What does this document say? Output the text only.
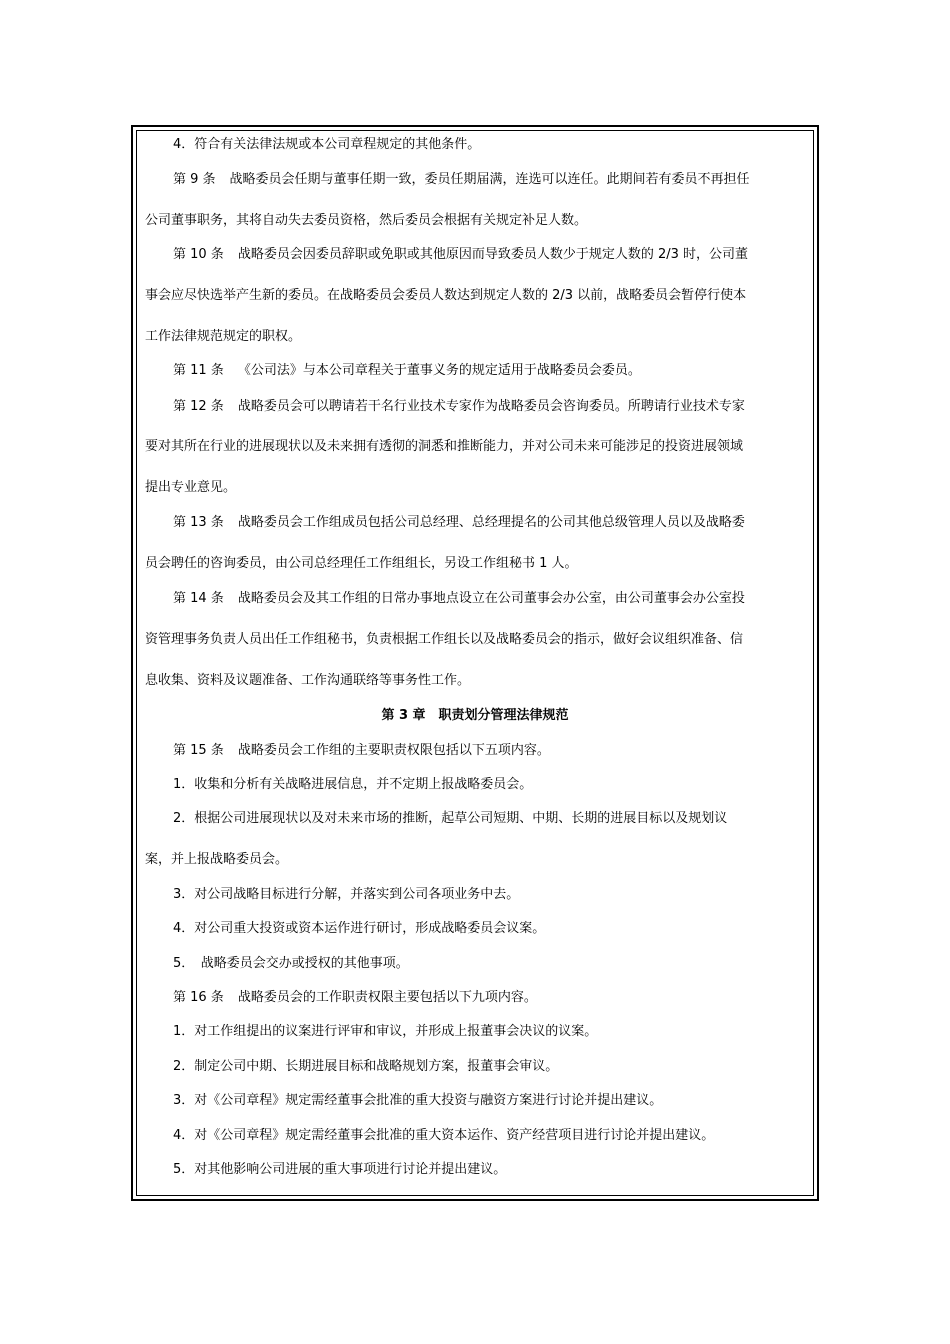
4．符合有关法律法规或本公司章程规定的其他条件。
第 9 条 战略委员会任期与董事任期一致，委员任期届满，连选可以连任。此期间若有委员不再担任
公司董事职务，其将自动失去委员资格，然后委员会根据有关规定补足人数。
第 10 条 战略委员会因委员辞职或免职或其他原因而导致委员人数少于规定人数的 2/3 时，公司董
事会应尽快选举产生新的委员。在战略委员会委员人数达到规定人数的 2/3 以前，战略委员会暂停行使本
工作法律规范规定的职权。
第 11 条 《公司法》与本公司章程关于董事义务的规定适用于战略委员会委员。
第 12 条 战略委员会可以聘请若干名行业技术专家作为战略委员会咨询委员。所聘请行业技术专家
要对其所在行业的进展现状以及未来拥有透彻的洞悉和推断能力，并对公司未来可能涉足的投资进展领域
提出专业意见。
第 13 条 战略委员会工作组成员包括公司总经理、总经理提名的公司其他总级管理人员以及战略委
员会聘任的咨询委员，由公司总经理任工作组组长，另设工作组秘书 1 人。
第 14 条 战略委员会及其工作组的日常办事地点设立在公司董事会办公室，由公司董事会办公室投
资管理事务负责人员出任工作组秘书，负责根据工作组长以及战略委员会的指示，做好会议组织准备、信
息收集、资料及议题准备、工作沟通联络等事务性工作。
第 3 章　职责划分管理法律规范
第 15 条 战略委员会工作组的主要职责权限包括以下五项内容。
1．收集和分析有关战略进展信息，并不定期上报战略委员会。
2．根据公司进展现状以及对未来市场的推断，起草公司短期、中期、长期的进展目标以及规划议
案，并上报战略委员会。
3．对公司战略目标进行分解，并落实到公司各项业务中去。
4．对公司重大投资或资本运作进行研讨，形成战略委员会议案。
5．　战略委员会交办或授权的其他事项。
第 16 条 战略委员会的工作职责权限主要包括以下九项内容。
1．对工作组提出的议案进行评审和审议，并形成上报董事会决议的议案。
2．制定公司中期、长期进展目标和战略规划方案，报董事会审议。
3．对《公司章程》规定需经董事会批准的重大投资与融资方案进行讨论并提出建议。
4．对《公司章程》规定需经董事会批准的重大资本运作、资产经营项目进行讨论并提出建议。
5．对其他影响公司进展的重大事项进行讨论并提出建议。
